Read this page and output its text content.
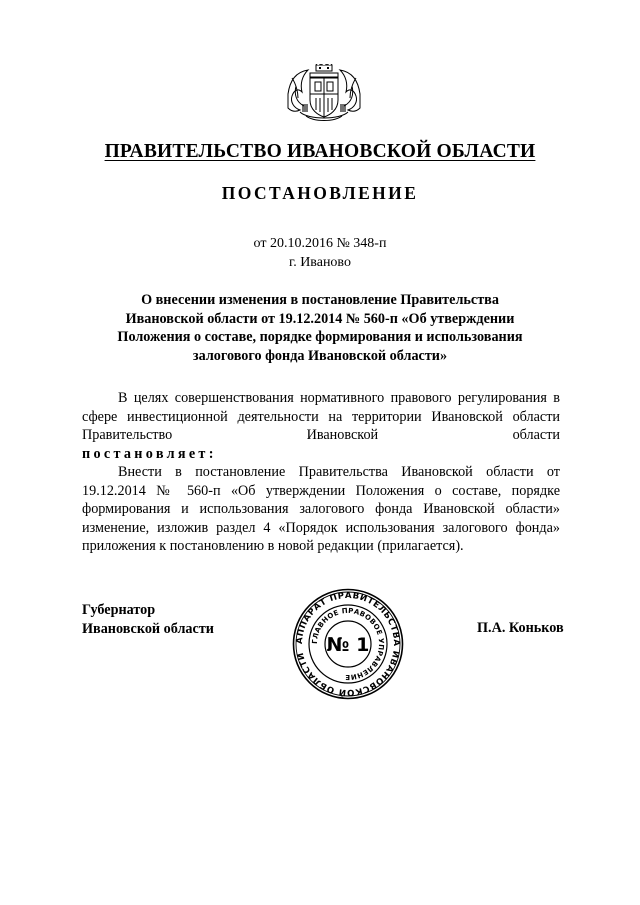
ПРАВИТЕЛЬСТВО ИВАНОВСКОЙ ОБЛАСТИ
ПОСТАНОВЛЕНИЕ
от 20.10.2016 № 348-п
г. Иваново
О внесении изменения в постановление Правительства
Ивановской области от 19.12.2014 № 560-п «Об утверждении
Положения о составе, порядке формирования и использования
залогового фонда Ивановской области»

В целях совершенствования нормативного правового регулирования в сфере инвестиционной деятельности на территории Ивановской области Правительство Ивановской области

постановляет:

Внести в постановление Правительства Ивановской области от 19.12.2014 № 560-п «Об утверждении Положения о составе, порядке формирования и использования залогового фонда Ивановской области» изменение, изложив раздел 4 «Порядок использования залогового фонда» приложения к постановлению в новой редакции (прилагается).

Губернатор
Ивановской области	П.А. Коньков
АППАРАТ ПРАВИТЕЛЬСТВА ИВАНОВСКОЙ ОБЛАСТИ
ГЛАВНОЕ ПРАВОВОЕ УПРАВЛЕНИЕ
№ 1
